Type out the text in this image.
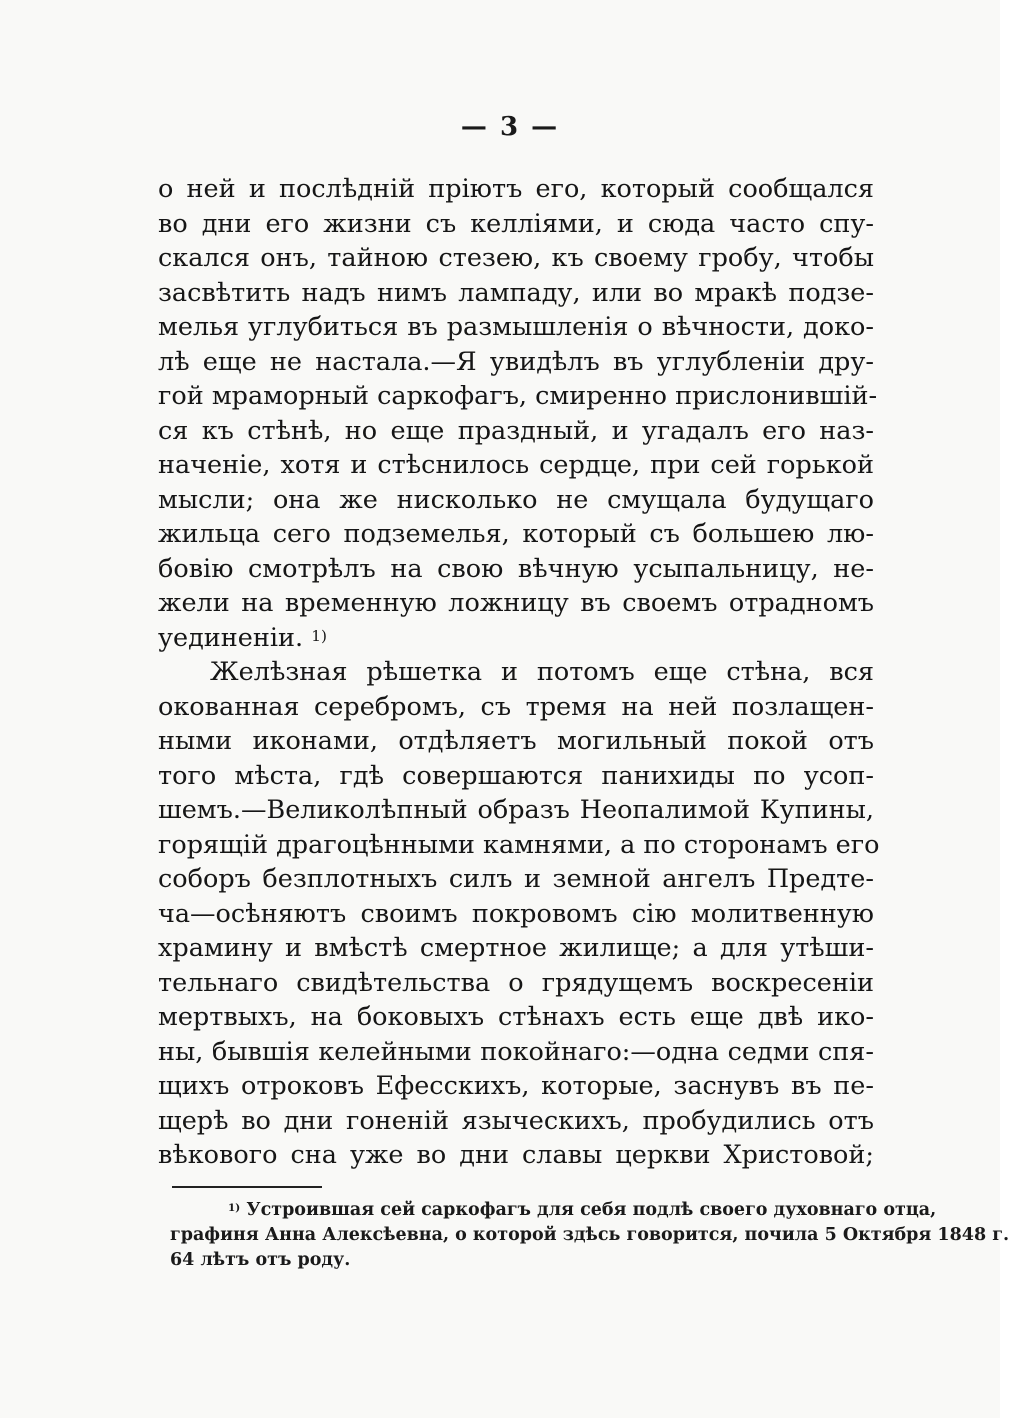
— 3 —
о ней и послѣднiй прiютъ его, который сообщался
во дни его жизни съ келлiями, и сюда часто спу-
скался онъ, тайною стезею, къ своему гробу, чтобы
засвѣтить надъ нимъ лампаду, или во мракѣ подзе-
мелья углубиться въ размышленiя о вѣчности, доко-
лѣ еще не настала.—Я увидѣлъ въ углубленiи дру-
гой мраморный саркофагъ, смиренно прислонившiй-
ся къ стѣнѣ, но еще праздный, и угадалъ его наз-
наченiе, хотя и стѣснилось сердце, при сей горькой
мысли; она же нисколько не смущала будущаго
жильца сего подземелья, который съ большею лю-
бовiю смотрѣлъ на свою вѣчную усыпальницу, не-
жели на временную ложницу въ своемъ отрадномъ
уединенiи. $^{1)}$
Желѣзная рѣшетка и потомъ еще стѣна, вся
окованная серебромъ, съ тремя на ней позлащен-
ными иконами, отдѣляетъ могильный покой отъ
того мѣста, гдѣ совершаются панихиды по усоп-
шемъ.—Великолѣпный образъ Неопалимой Купины,
горящiй драгоцѣнными камнями, а по сторонамъ его
соборъ безплотныхъ силъ и земной ангелъ Предте-
ча—осѣняютъ своимъ покровомъ сiю молитвенную
храмину и вмѣстѣ смертное жилище; а для утѣши-
тельнаго свидѣтельства о грядущемъ воскресенiи
мертвыхъ, на боковыхъ стѣнахъ есть еще двѣ ико-
ны, бывшiя келейными покойнаго:—одна седми спя-
щихъ отроковъ Ефесскихъ, которые, заснувъ въ пе-
щерѣ во дни гоненiй языческихъ, пробудились отъ
вѣкового сна уже во дни славы церкви Христовой;
$^{1)}$ Устроившая сей саркофагъ для себя подлѣ своего духовнаго отца,
графиня Анна Алексѣевна, о которой здѣсь говорится, почила 5 Октября 1848 г.
64 лѣтъ отъ роду.
